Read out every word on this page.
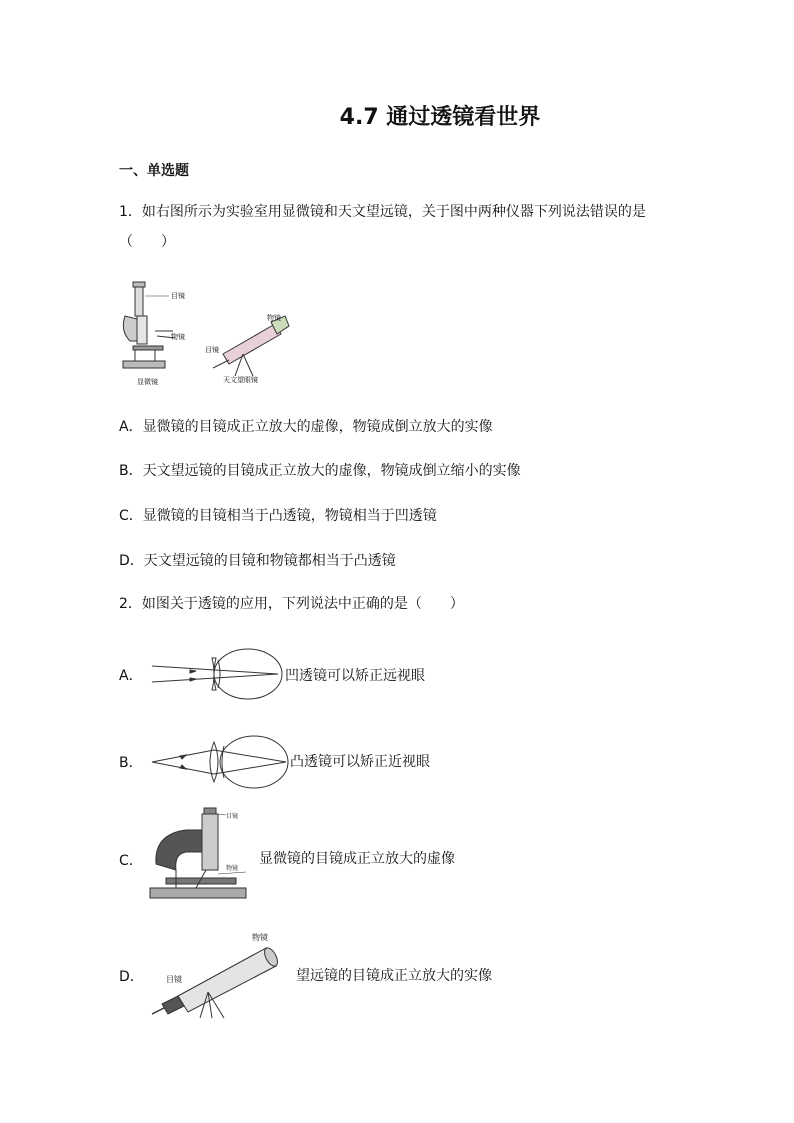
4.7 通过透镜看世界
一、单选题
1．如右图所示为实验室用显微镜和天文望远镜，关于图中两种仪器下列说法错误的是
（　　）
目镜
物镜
显微镜
物镜
目镜
天文望眼镜
A．显微镜的目镜成正立放大的虚像，物镜成倒立放大的实像
B．天文望远镜的目镜成正立放大的虚像，物镜成倒立缩小的实像
C．显微镜的目镜相当于凸透镜，物镜相当于凹透镜
D．天文望远镜的目镜和物镜都相当于凸透镜
2．如图关于透镜的应用，下列说法中正确的是（　　）
A．	凹透镜可以矫正远视眼
B．	凸透镜可以矫正近视眼
C．
目镜
物镜
显微镜的目镜成正立放大的虚像
D．
物镜
目镜	望远镜的目镜成正立放大的实像
